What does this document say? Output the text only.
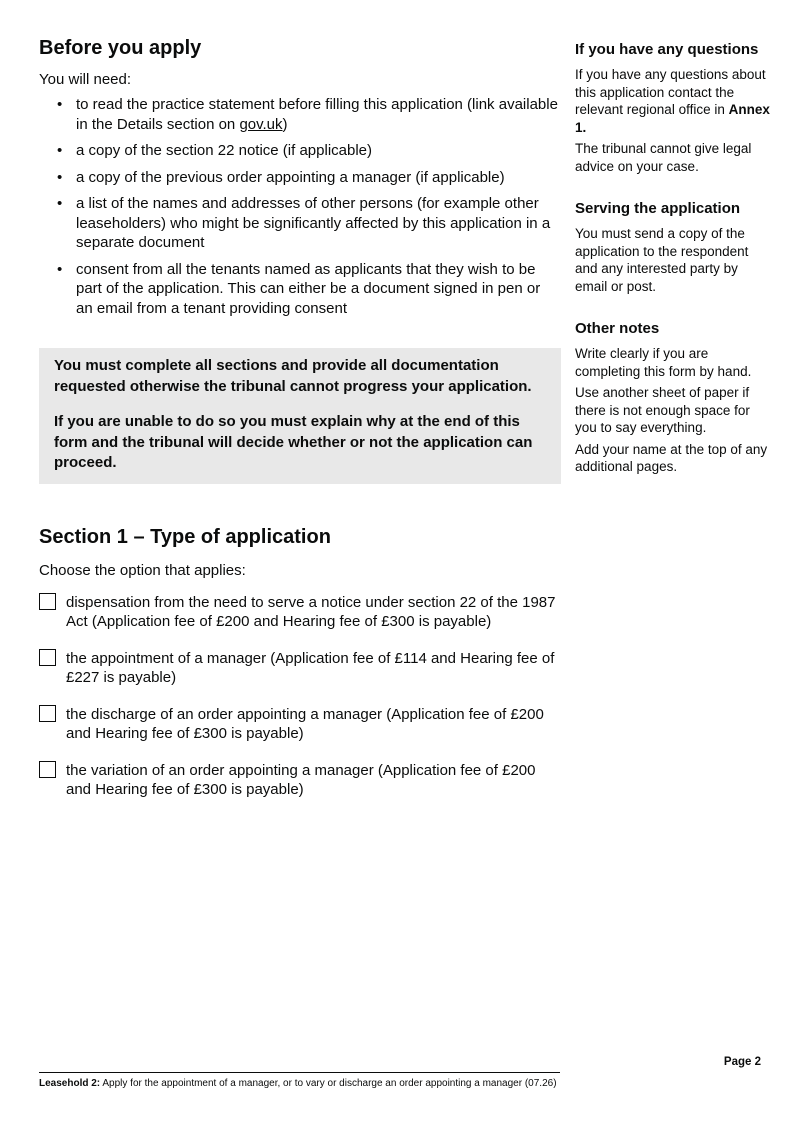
Before you apply

You will need:

• to read the practice statement before filling this application (link available in the Details section on gov.uk)
• a copy of the section 22 notice (if applicable)
• a copy of the previous order appointing a manager (if applicable)
• a list of the names and addresses of other persons (for example other leaseholders) who might be significantly affected by this application in a separate document
• consent from all the tenants named as applicants that they wish to be part of the application. This can either be a document signed in pen or an email from a tenant providing consent

You must complete all sections and provide all documentation requested otherwise the tribunal cannot progress your application.

If you are unable to do so you must explain why at the end of this form and the tribunal will decide whether or not the application can proceed.

Section 1 – Type of application

Choose the option that applies:

dispensation from the need to serve a notice under section 22 of the 1987 Act (Application fee of £200 and Hearing fee of £300 is payable)
the appointment of a manager (Application fee of £114 and Hearing fee of £227 is payable)
the discharge of an order appointing a manager (Application fee of £200 and Hearing fee of £300 is payable)
the variation of an order appointing a manager (Application fee of £200 and Hearing fee of £300 is payable)
If you have any questions

If you have any questions about this application contact the relevant regional office in Annex 1.

The tribunal cannot give legal advice on your case.

Serving the application

You must send a copy of the application to the respondent and any interested party by email or post.

Other notes

Write clearly if you are completing this form by hand.

Use another sheet of paper if there is not enough space for you to say everything.

Add your name at the top of any additional pages.

Page 2
Leasehold 2: Apply for the appointment of a manager, or to vary or discharge an order appointing a manager (07.26)
